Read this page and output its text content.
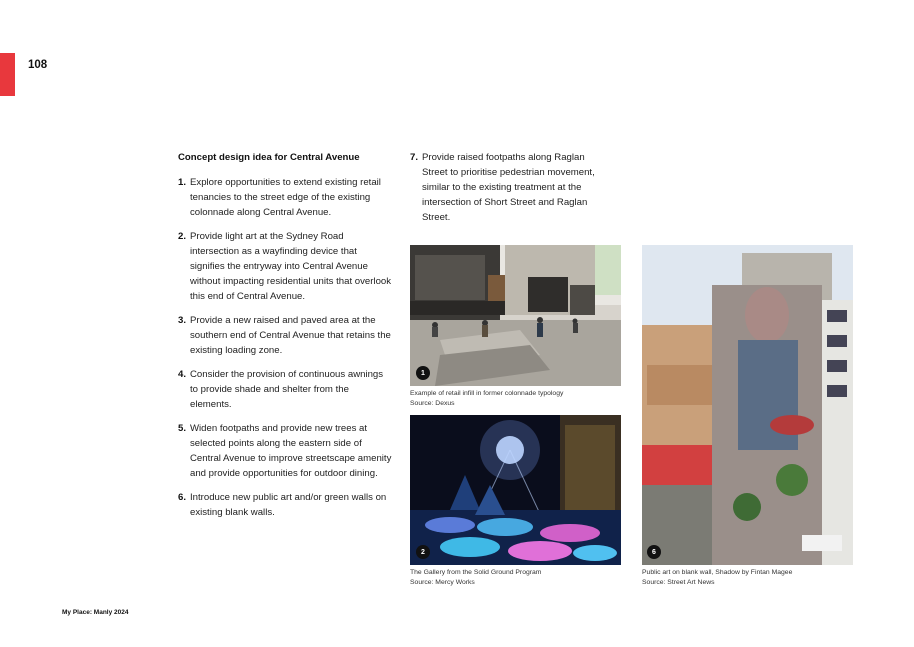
108
Concept design idea for Central Avenue
1. Explore opportunities to extend existing retail tenancies to the street edge of the existing colonnade along Central Avenue.
2. Provide light art at the Sydney Road intersection as a wayfinding device that signifies the entryway into Central Avenue without impacting residential units that overlook this end of Central Avenue.
3. Provide a new raised and paved area at the southern end of Central Avenue that retains the existing loading zone.
4. Consider the provision of continuous awnings to provide shade and shelter from the elements.
5. Widen footpaths and provide new trees at selected points along the eastern side of Central Avenue to improve streetscape amenity and provide opportunities for outdoor dining.
6. Introduce new public art and/or green walls on existing blank walls.
7. Provide raised footpaths along Raglan Street to prioritise pedestrian movement, similar to the existing treatment at the intersection of Short Street and Raglan Street.
1
Example of retail infill in former colonnade typology
Source: Dexus
2
The Gallery from the Solid Ground Program
Source: Mercy Works
6
Public art on blank wall, Shadow by Fintan Magee
Source: Street Art News
My Place: Manly 2024
